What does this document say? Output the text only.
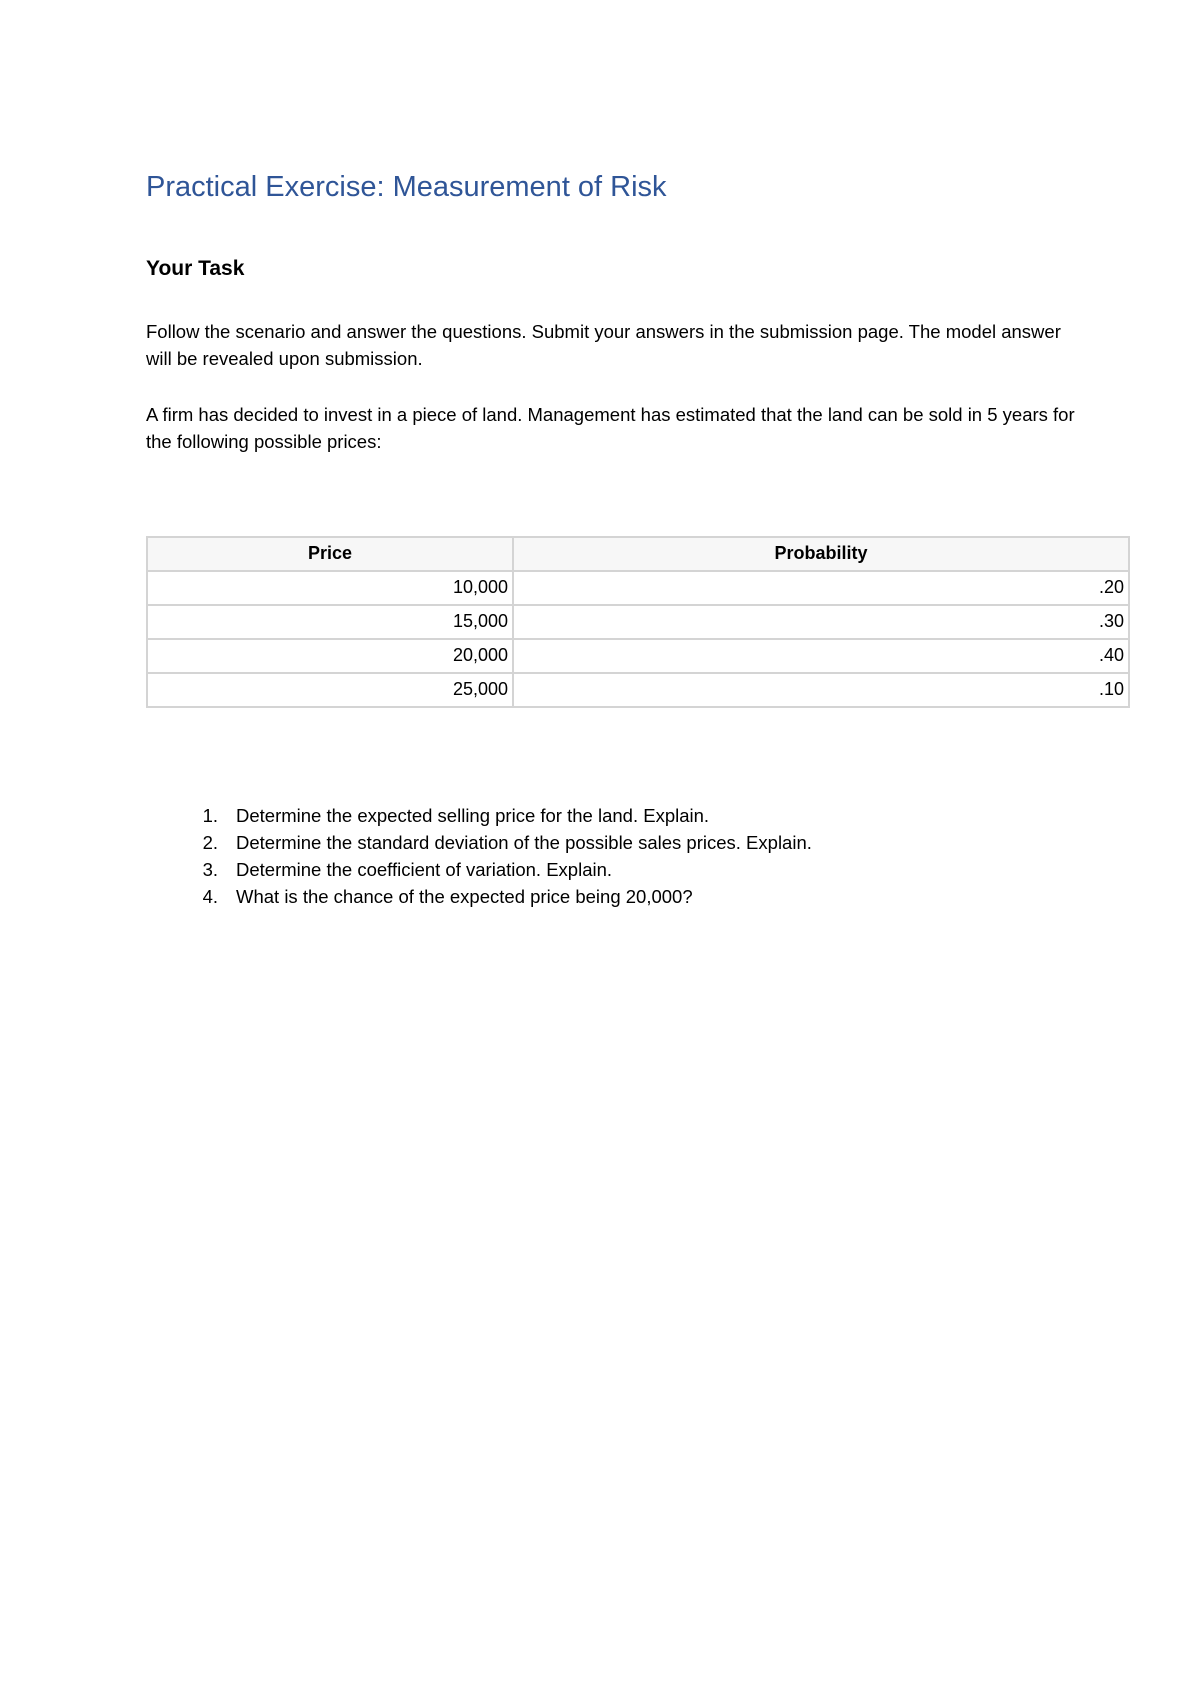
Practical Exercise: Measurement of Risk
Your Task

Follow the scenario and answer the questions. Submit your answers in the submission page. The model answer will be revealed upon submission.

A firm has decided to invest in a piece of land. Management has estimated that the land can be sold in 5 years for the following possible prices:

Price	Probability
10,000	.20
15,000	.30
20,000	.40
25,000	.10
1. Determine the expected selling price for the land. Explain.
2. Determine the standard deviation of the possible sales prices. Explain.
3. Determine the coefficient of variation. Explain.
4. What is the chance of the expected price being 20,000?
